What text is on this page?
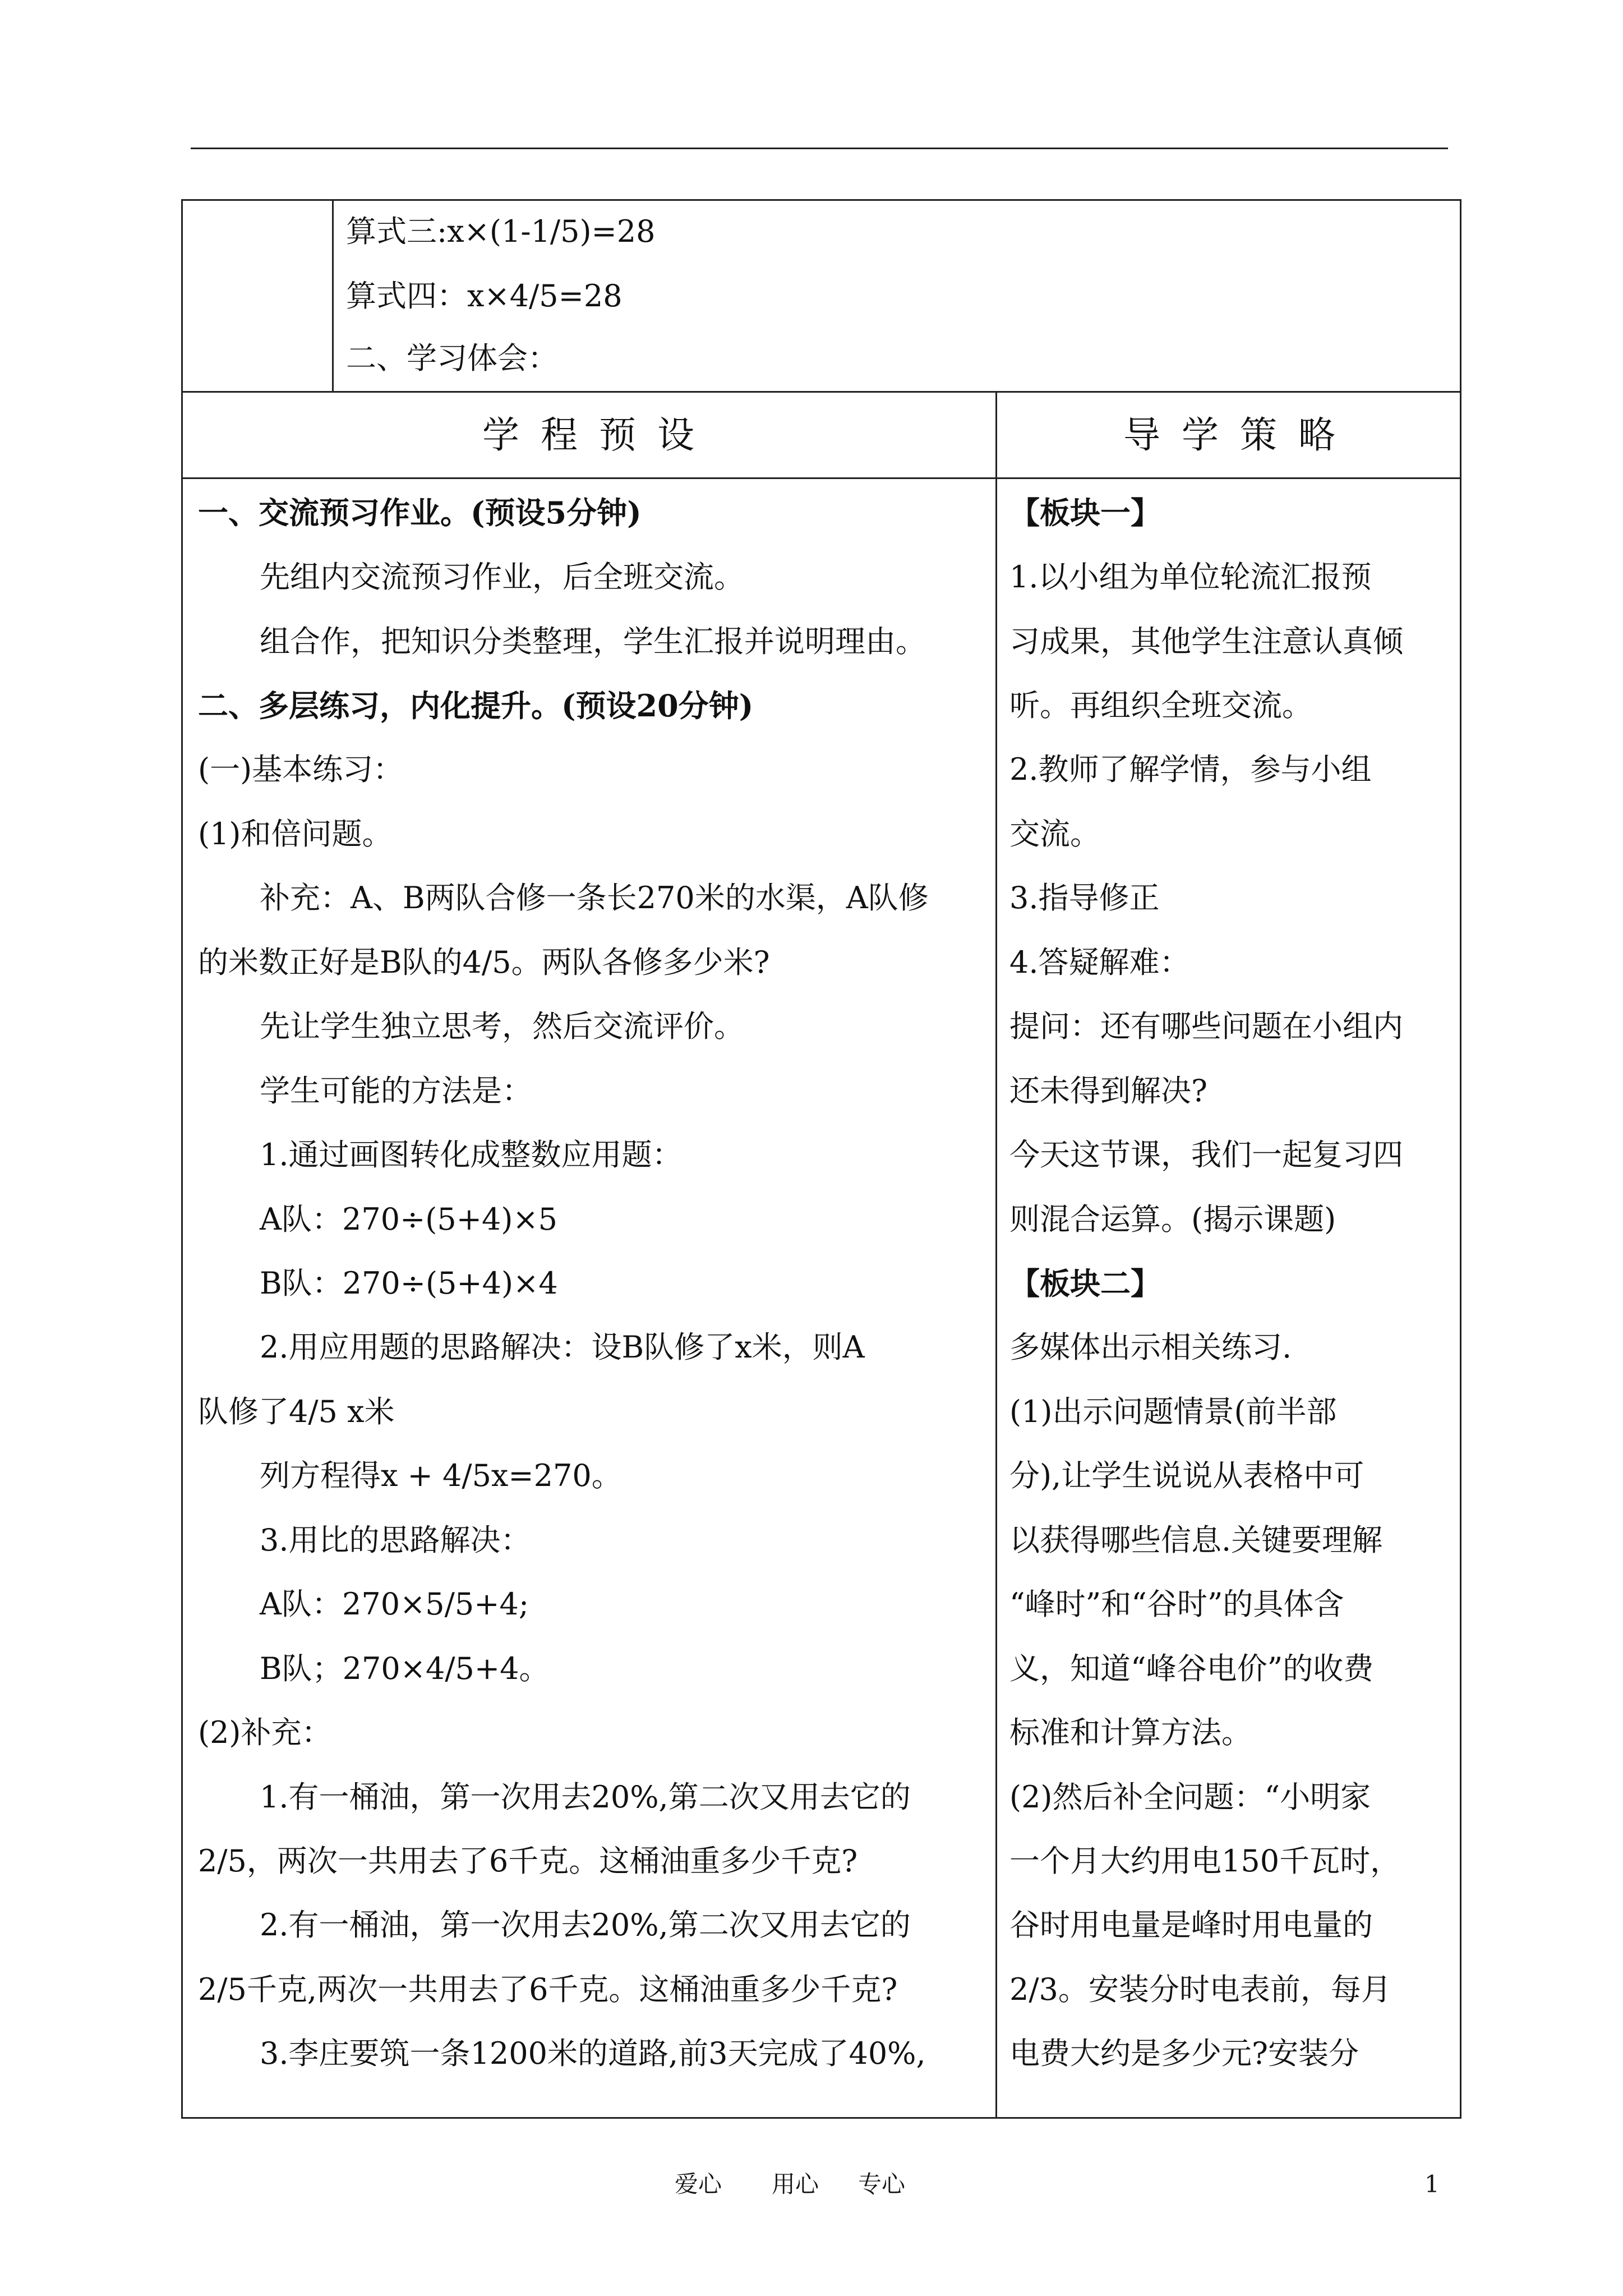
算式三:x×(1-1/5)=28
算式四：x×4/5=28
二、学习体会：
学程预设	导学策略
一、交流预习作业。(预设5分钟)
先组内交流预习作业，后全班交流。
组合作，把知识分类整理，学生汇报并说明理由。
二、多层练习，内化提升。(预设20分钟)
(一)基本练习：
(1)和倍问题。
补充：A、B两队合修一条长270米的水渠，A队修
的米数正好是B队的4/5。两队各修多少米?
先让学生独立思考，然后交流评价。
学生可能的方法是：
1.通过画图转化成整数应用题：
A队：270÷(5+4)×5
B队：270÷(5+4)×4
2.用应用题的思路解决：设B队修了x米，则A
队修了4/5 x米
列方程得x + 4/5x=270。
3.用比的思路解决：
A队：270×5/5+4;
B队；270×4/5+4。
(2)补充：
1.有一桶油，第一次用去20%,第二次又用去它的
2/5，两次一共用去了6千克。这桶油重多少千克?
2.有一桶油，第一次用去20%,第二次又用去它的
2/5千克,两次一共用去了6千克。这桶油重多少千克?
3.李庄要筑一条1200米的道路,前3天完成了40%,
【板块一】
1.以小组为单位轮流汇报预
习成果，其他学生注意认真倾
听。再组织全班交流。
2.教师了解学情，参与小组
交流。
3.指导修正
4.答疑解难：
提问：还有哪些问题在小组内
还未得到解决?
今天这节课，我们一起复习四
则混合运算。(揭示课题)
【板块二】
多媒体出示相关练习.
(1)出示问题情景(前半部
分),让学生说说从表格中可
以获得哪些信息.关键要理解
“峰时”和“谷时”的具体含
义，知道“峰谷电价”的收费
标准和计算方法。
(2)然后补全问题：“小明家
一个月大约用电150千瓦时，
谷时用电量是峰时用电量的
2/3。安装分时电表前，每月
电费大约是多少元?安装分
爱心 用心 专心	1
